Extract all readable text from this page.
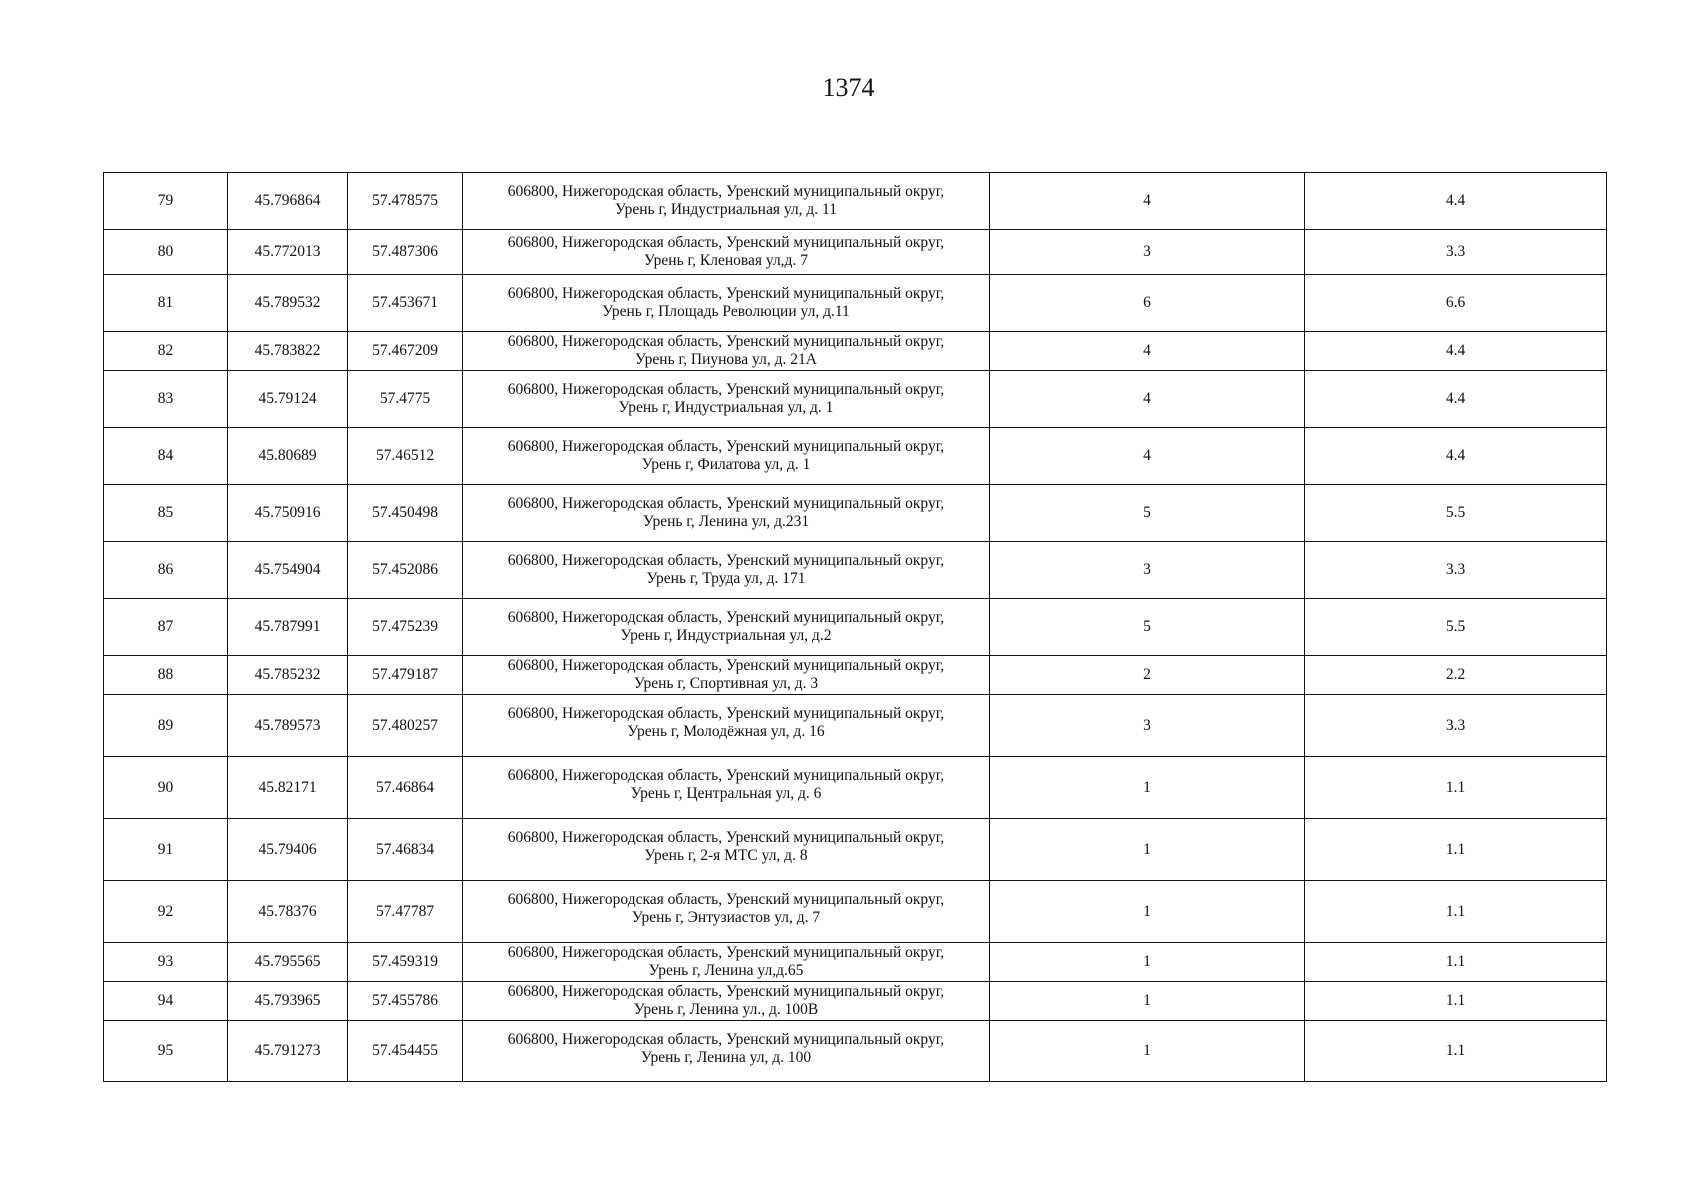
1374
79	45.796864	57.478575	606800, Нижегородская область, Уренский муниципальный округ,
Урень г, Индустриальная ул, д. 11	4	4.4
80	45.772013	57.487306	606800, Нижегородская область, Уренский муниципальный округ,
Урень г, Кленовая ул,д. 7	3	3.3
81	45.789532	57.453671	606800, Нижегородская область, Уренский муниципальный округ,
Урень г, Площадь Революции ул, д.11	6	6.6
82	45.783822	57.467209	606800, Нижегородская область, Уренский муниципальный округ,
Урень г, Пиунова ул, д. 21А	4	4.4
83	45.79124	57.4775	606800, Нижегородская область, Уренский муниципальный округ,
Урень г, Индустриальная ул, д. 1	4	4.4
84	45.80689	57.46512	606800, Нижегородская область, Уренский муниципальный округ,
Урень г, Филатова ул, д. 1	4	4.4
85	45.750916	57.450498	606800, Нижегородская область, Уренский муниципальный округ,
Урень г, Ленина ул, д.231	5	5.5
86	45.754904	57.452086	606800, Нижегородская область, Уренский муниципальный округ,
Урень г, Труда ул, д. 171	3	3.3
87	45.787991	57.475239	606800, Нижегородская область, Уренский муниципальный округ,
Урень г, Индустриальная ул, д.2	5	5.5
88	45.785232	57.479187	606800, Нижегородская область, Уренский муниципальный округ,
Урень г, Спортивная ул, д. 3	2	2.2
89	45.789573	57.480257	606800, Нижегородская область, Уренский муниципальный округ,
Урень г, Молодёжная ул, д. 16	3	3.3
90	45.82171	57.46864	606800, Нижегородская область, Уренский муниципальный округ,
Урень г, Центральная ул, д. 6	1	1.1
91	45.79406	57.46834	606800, Нижегородская область, Уренский муниципальный округ,
Урень г, 2-я МТС ул, д. 8	1	1.1
92	45.78376	57.47787	606800, Нижегородская область, Уренский муниципальный округ,
Урень г, Энтузиастов ул, д. 7	1	1.1
93	45.795565	57.459319	606800, Нижегородская область, Уренский муниципальный округ,
Урень г, Ленина ул,д.65	1	1.1
94	45.793965	57.455786	606800, Нижегородская область, Уренский муниципальный округ,
Урень г, Ленина ул., д. 100В	1	1.1
95	45.791273	57.454455	606800, Нижегородская область, Уренский муниципальный округ,
Урень г, Ленина ул, д. 100	1	1.1
